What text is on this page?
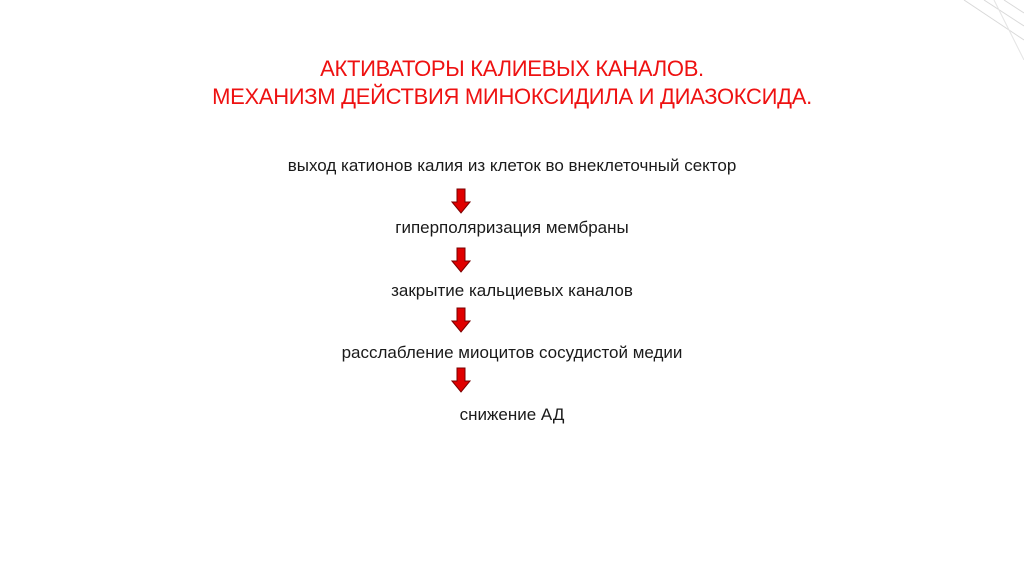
АКТИВАТОРЫ КАЛИЕВЫХ КАНАЛОВ.
МЕХАНИЗМ ДЕЙСТВИЯ МИНОКСИДИЛА И ДИАЗОКСИДА.
выход катионов калия из клеток во внеклеточный сектор
гиперполяризация мембраны
закрытие кальциевых каналов
расслабление миоцитов сосудистой медии
снижение АД
